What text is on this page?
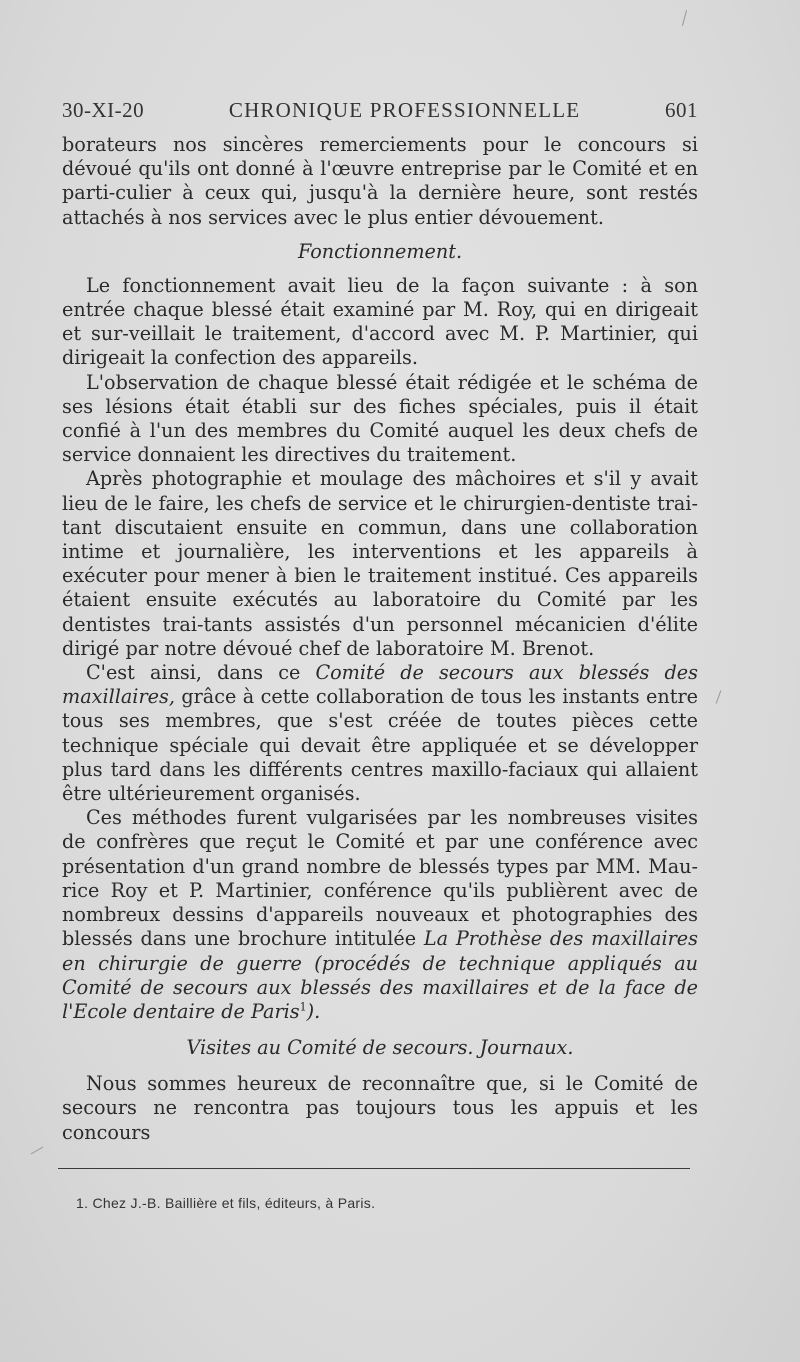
30-XI-20	CHRONIQUE PROFESSIONNELLE	601

borateurs nos sincères remerciements pour le concours si dévoué qu'ils ont donné à l'œuvre entreprise par le Comité et en parti-culier à ceux qui, jusqu'à la dernière heure, sont restés attachés à nos services avec le plus entier dévouement.

Fonctionnement.

Le fonctionnement avait lieu de la façon suivante : à son entrée chaque blessé était examiné par M. Roy, qui en dirigeait et sur-veillait le traitement, d'accord avec M. P. Martinier, qui dirigeait la confection des appareils.

L'observation de chaque blessé était rédigée et le schéma de ses lésions était établi sur des fiches spéciales, puis il était confié à l'un des membres du Comité auquel les deux chefs de service donnaient les directives du traitement.

Après photographie et moulage des mâchoires et s'il y avait lieu de le faire, les chefs de service et le chirurgien-dentiste trai-tant discutaient ensuite en commun, dans une collaboration intime et journalière, les interventions et les appareils à exécuter pour mener à bien le traitement institué. Ces appareils étaient ensuite exécutés au laboratoire du Comité par les dentistes trai-tants assistés d'un personnel mécanicien d'élite dirigé par notre dévoué chef de laboratoire M. Brenot.

C'est ainsi, dans ce Comité de secours aux blessés des maxillaires, grâce à cette collaboration de tous les instants entre tous ses membres, que s'est créée de toutes pièces cette technique spéciale qui devait être appliquée et se développer plus tard dans les différents centres maxillo-faciaux qui allaient être ultérieurement organisés.

Ces méthodes furent vulgarisées par les nombreuses visites de confrères que reçut le Comité et par une conférence avec présentation d'un grand nombre de blessés types par MM. Mau-rice Roy et P. Martinier, conférence qu'ils publièrent avec de nombreux dessins d'appareils nouveaux et photographies des blessés dans une brochure intitulée La Prothèse des maxillaires en chirurgie de guerre (procédés de technique appliqués au Comité de secours aux blessés des maxillaires et de la face de l'Ecole dentaire de Paris$^1$).

Visites au Comité de secours. Journaux.

Nous sommes heureux de reconnaître que, si le Comité de secours ne rencontra pas toujours tous les appuis et les concours

1. Chez J.-B. Baillière et fils, éditeurs, à Paris.
